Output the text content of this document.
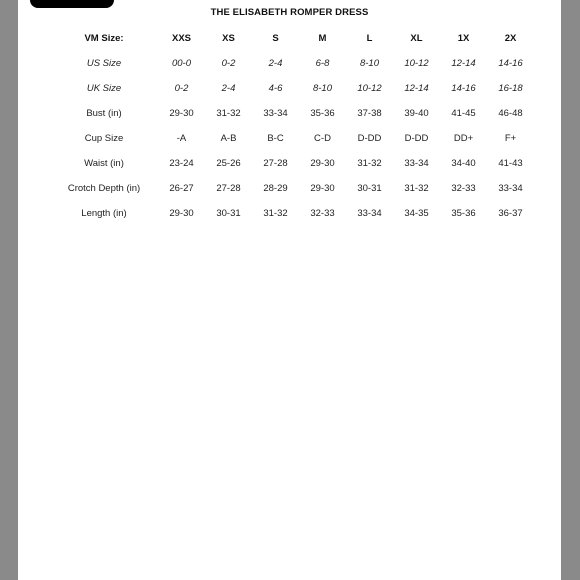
THE ELISABETH ROMPER DRESS
VM Size:	XXS	XS	S	M	L	XL	1X	2X
US Size	00-0	0-2	2-4	6-8	8-10	10-12	12-14	14-16
UK Size	0-2	2-4	4-6	8-10	10-12	12-14	14-16	16-18
Bust (in)	29-30	31-32	33-34	35-36	37-38	39-40	41-45	46-48
Cup Size	-A	A-B	B-C	C-D	D-DD	D-DD	DD+	F+
Waist (in)	23-24	25-26	27-28	29-30	31-32	33-34	34-40	41-43
Crotch Depth (in)	26-27	27-28	28-29	29-30	30-31	31-32	32-33	33-34
Length (in)	29-30	30-31	31-32	32-33	33-34	34-35	35-36	36-37
